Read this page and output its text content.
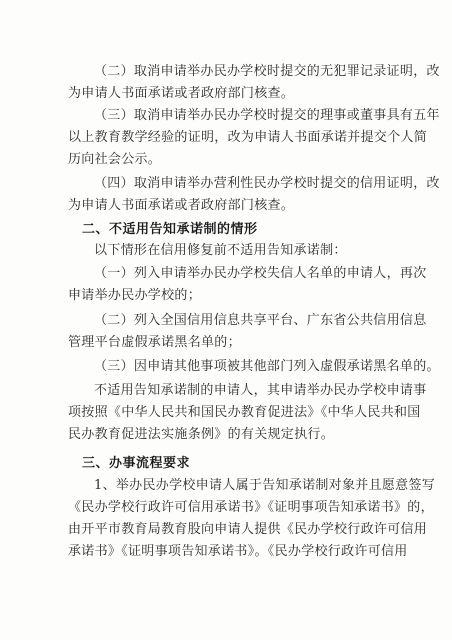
（二）取消申请举办民办学校时提交的无犯罪记录证明，改
为申请人书面承诺或者政府部门核查。

（三）取消申请举办民办学校时提交的理事或董事具有五年
以上教育教学经验的证明，改为申请人书面承诺并提交个人简
历向社会公示。

（四）取消申请举办营利性民办学校时提交的信用证明，改
为申请人书面承诺或者政府部门核查。

二、不适用告知承诺制的情形

以下情形在信用修复前不适用告知承诺制：

（一）列入申请举办民办学校失信人名单的申请人，再次
申请举办民办学校的；

（二）列入全国信用信息共享平台、广东省公共信用信息
管理平台虚假承诺黑名单的；

（三）因申请其他事项被其他部门列入虚假承诺黑名单的。

不适用告知承诺制的申请人，其申请举办民办学校申请事
项按照《中华人民共和国民办教育促进法》《中华人民共和国
民办教育促进法实施条例》的有关规定执行。

三、办事流程要求

1、举办民办学校申请人属于告知承诺制对象并且愿意签写
《民办学校行政许可信用承诺书》《证明事项告知承诺书》的，
由开平市教育局教育股向申请人提供《民办学校行政许可信用
承诺书》《证明事项告知承诺书》。《民办学校行政许可信用
